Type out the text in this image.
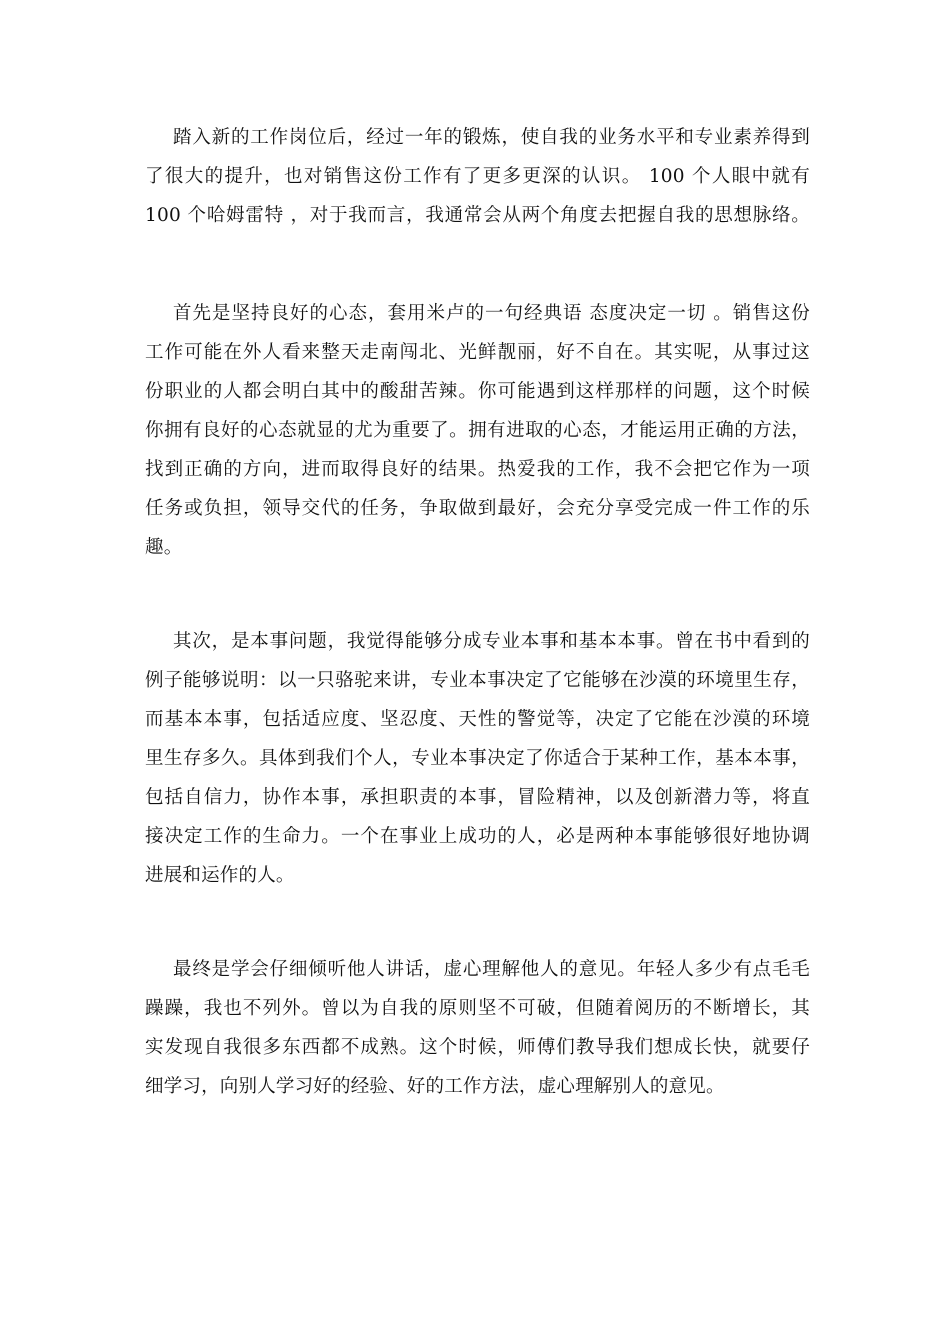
踏入新的工作岗位后，经过一年的锻炼，使自我的业务水平和专业素养得到
了很大的提升，也对销售这份工作有了更多更深的认识。 100 个人眼中就有
100 个哈姆雷特 ，对于我而言，我通常会从两个角度去把握自我的思想脉络。
首先是坚持良好的心态，套用米卢的一句经典语 态度决定一切 。销售这份
工作可能在外人看来整天走南闯北、光鲜靓丽，好不自在。其实呢，从事过这
份职业的人都会明白其中的酸甜苦辣。你可能遇到这样那样的问题，这个时候
你拥有良好的心态就显的尤为重要了。拥有进取的心态，才能运用正确的方法，
找到正确的方向，进而取得良好的结果。热爱我的工作，我不会把它作为一项
任务或负担，领导交代的任务，争取做到最好，会充分享受完成一件工作的乐
趣。
其次，是本事问题，我觉得能够分成专业本事和基本本事。曾在书中看到的
例子能够说明：以一只骆驼来讲，专业本事决定了它能够在沙漠的环境里生存，
而基本本事，包括适应度、坚忍度、天性的警觉等，决定了它能在沙漠的环境
里生存多久。具体到我们个人，专业本事决定了你适合于某种工作，基本本事，
包括自信力，协作本事，承担职责的本事，冒险精神，以及创新潜力等，将直
接决定工作的生命力。一个在事业上成功的人，必是两种本事能够很好地协调
进展和运作的人。
最终是学会仔细倾听他人讲话，虚心理解他人的意见。年轻人多少有点毛毛
躁躁，我也不列外。曾以为自我的原则坚不可破，但随着阅历的不断增长，其
实发现自我很多东西都不成熟。这个时候，师傅们教导我们想成长快，就要仔
细学习，向别人学习好的经验、好的工作方法，虚心理解别人的意见。
